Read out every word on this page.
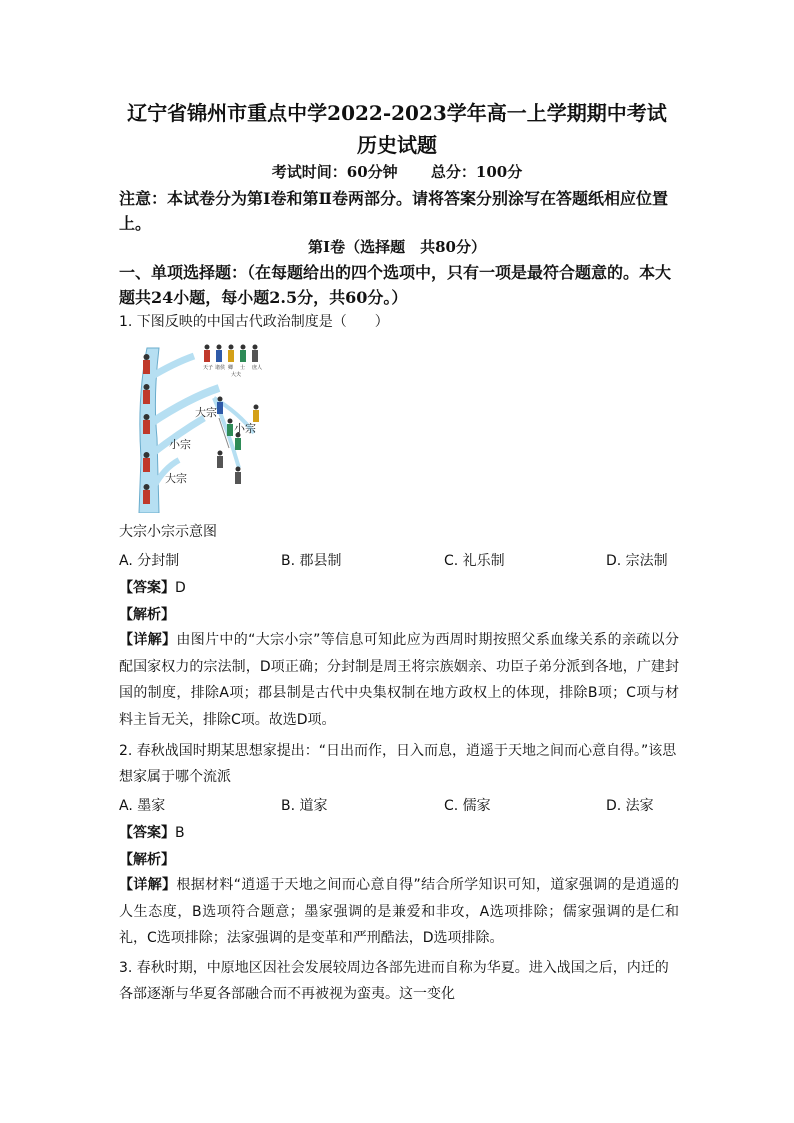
辽宁省锦州市重点中学2022-2023学年高一上学期期中考试
历史试题
考试时间：60分钟 总分：100分
注意：本试卷分为第Ⅰ卷和第Ⅱ卷两部分。请将答案分别涂写在答题纸相应位置上。
第Ⅰ卷（选择题　共80分）
一、单项选择题：（在每题给出的四个选项中，只有一项是最符合题意的。本大题共24小题，每小题2.5分，共60分。）
1. 下图反映的中国古代政治制度是（　　）
天子 诸侯 卿
大夫
士 庶人
大宗
小宗
小宗
大宗
大宗小宗示意图
A. 分封制	B. 郡县制	C. 礼乐制	D. 宗法制
【答案】D
【解析】
【详解】由图片中的“大宗小宗”等信息可知此应为西周时期按照父系血缘关系的亲疏以分配国家权力的宗法制，D项正确；分封制是周王将宗族姻亲、功臣子弟分派到各地，广建封国的制度，排除A项；郡县制是古代中央集权制在地方政权上的体现，排除B项；C项与材料主旨无关，排除C项。故选D项。
2. 春秋战国时期某思想家提出：“日出而作，日入而息，逍遥于天地之间而心意自得。”该思想家属于哪个流派
A. 墨家	B. 道家	C. 儒家	D. 法家
【答案】B
【解析】
【详解】根据材料“逍遥于天地之间而心意自得”结合所学知识可知，道家强调的是逍遥的人生态度，B选项符合题意；墨家强调的是兼爱和非攻，A选项排除；儒家强调的是仁和礼，C选项排除；法家强调的是变革和严刑酷法，D选项排除。
3. 春秋时期，中原地区因社会发展较周边各部先进而自称为华夏。进入战国之后，内迁的各部逐渐与华夏各部融合而不再被视为蛮夷。这一变化
